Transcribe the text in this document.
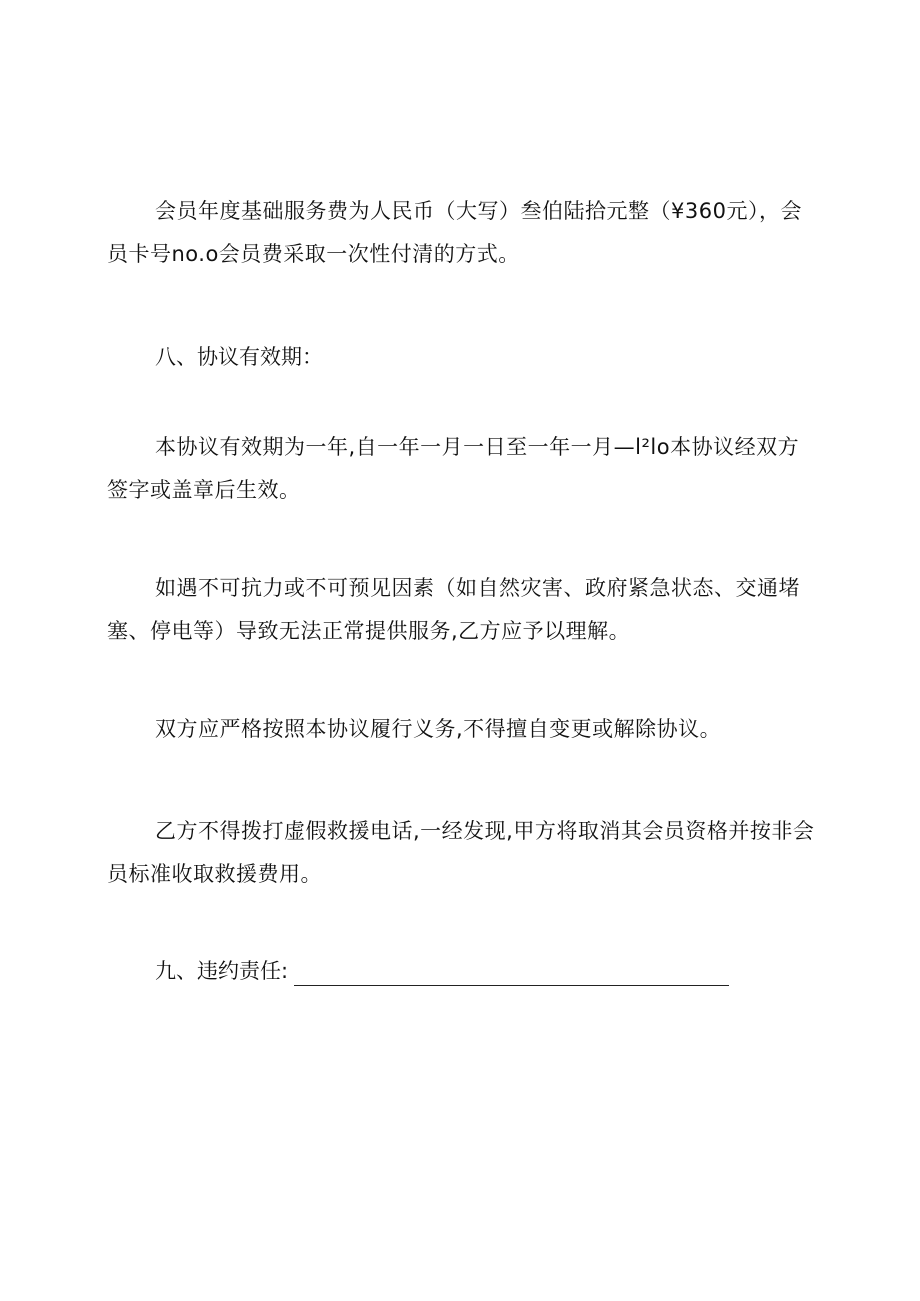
会员年度基础服务费为人民币（大写）叁伯陆拾元整（¥360元），会员卡号no.o会员费采取一次性付清的方式。

八、协议有效期：

本协议有效期为一年,自一年一月一日至一年一月—l²lo本协议经双方签字或盖章后生效。

如遇不可抗力或不可预见因素（如自然灾害、政府紧急状态、交通堵塞、停电等）导致无法正常提供服务,乙方应予以理解。

双方应严格按照本协议履行义务,不得擅自变更或解除协议。

乙方不得拨打虚假救援电话,一经发现,甲方将取消其会员资格并按非会员标准收取救援费用。

九、违约责任:
